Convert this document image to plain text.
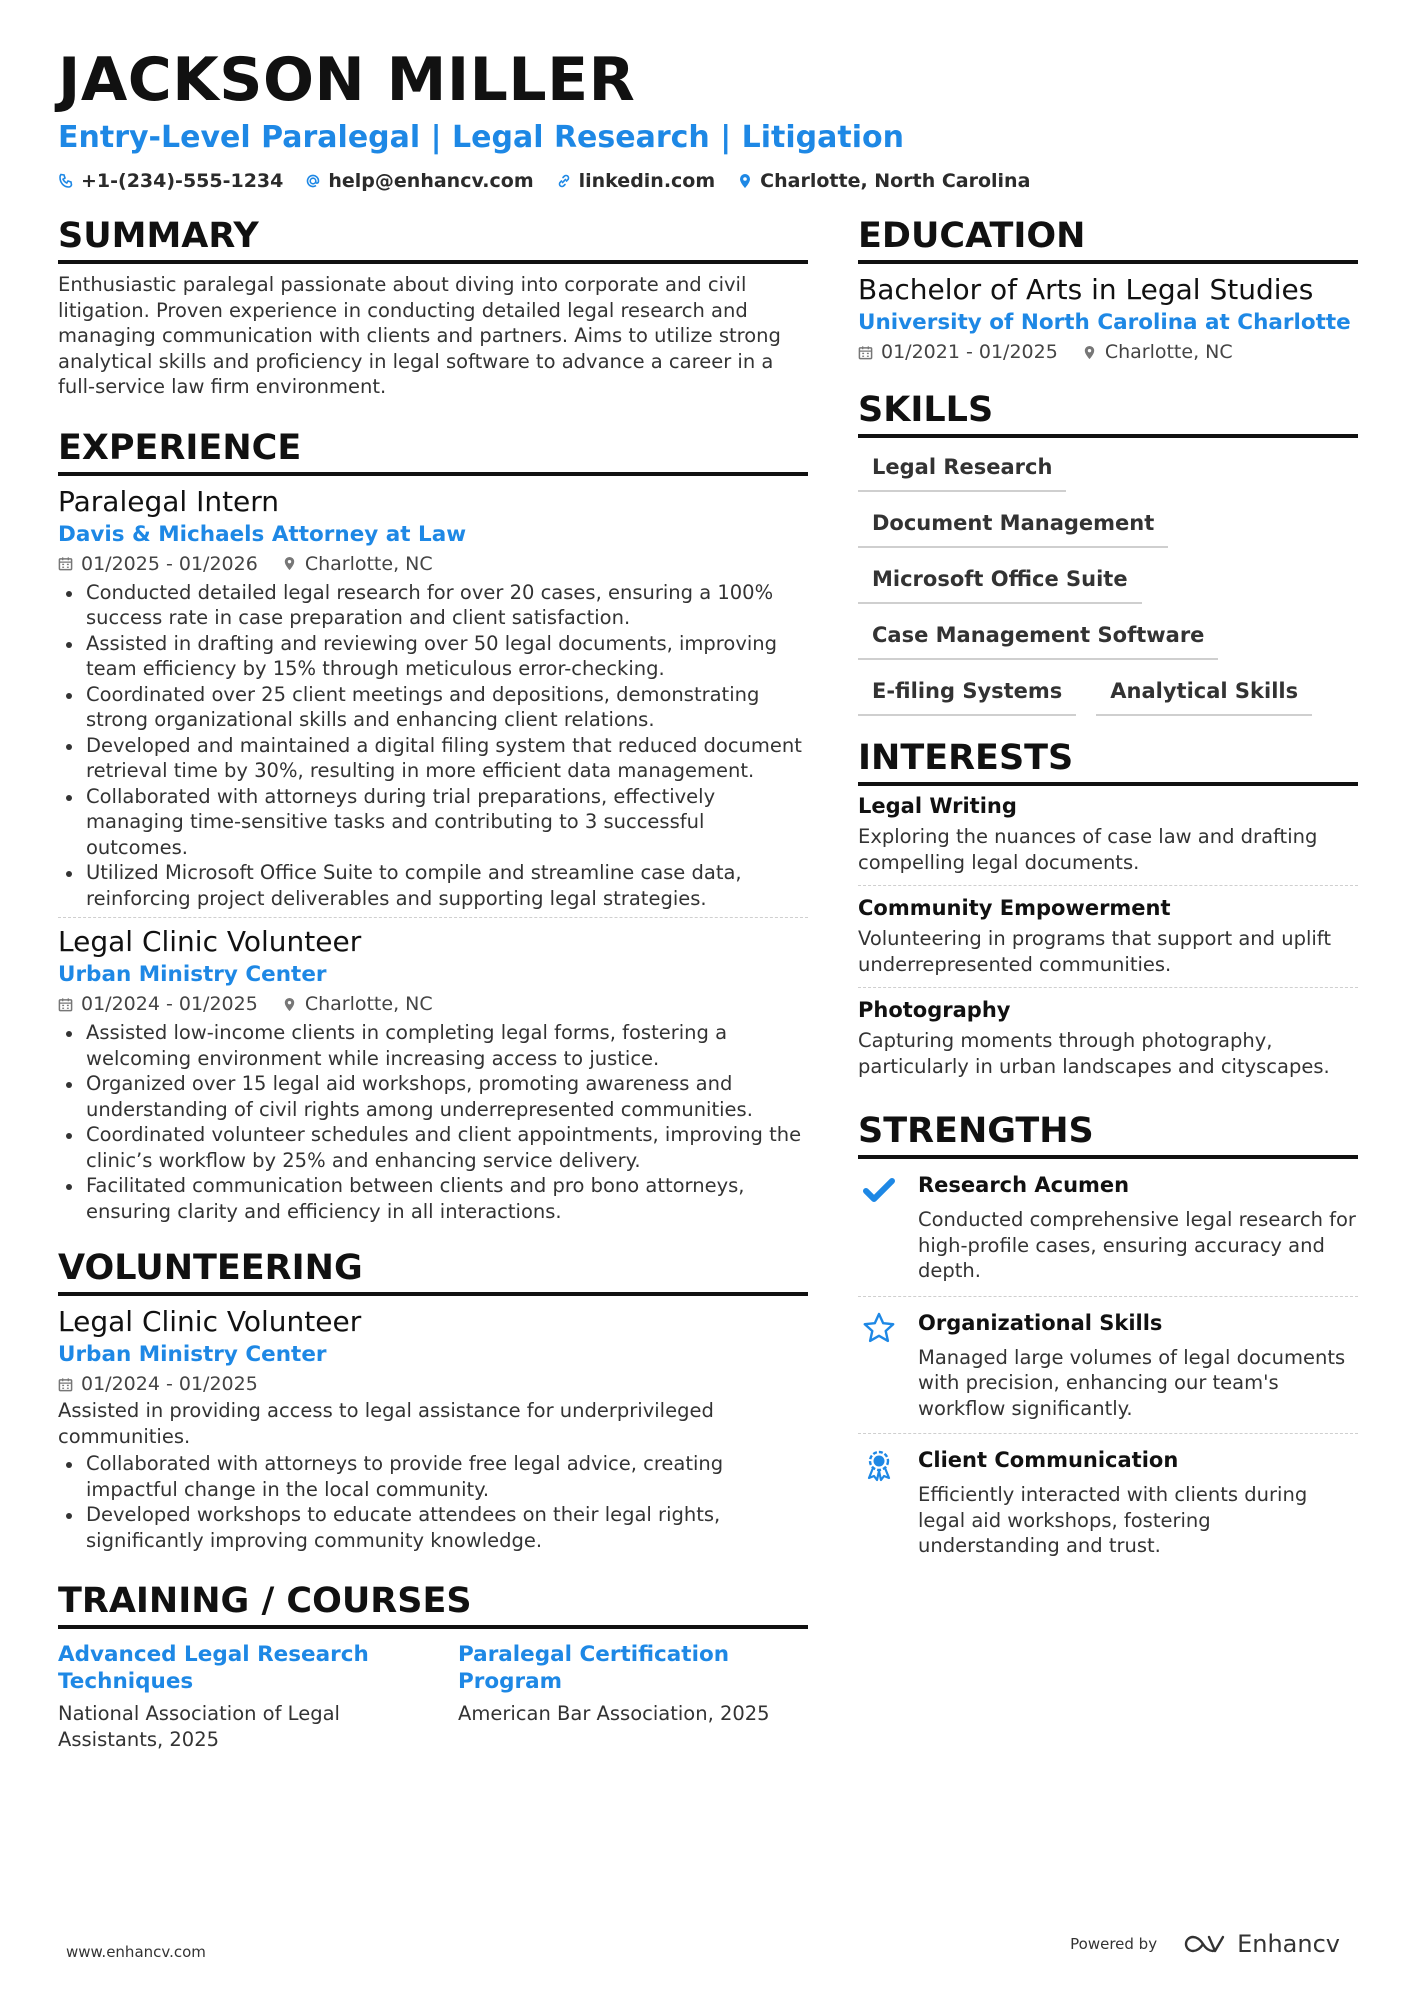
JACKSON MILLER
Entry-Level Paralegal | Legal Research | Litigation
+1-(234)-555-1234 help@enhancv.com linkedin.com Charlotte, North Carolina
SUMMARY
Enthusiastic paralegal passionate about diving into corporate and civil litigation. Proven experience in conducting detailed legal research and managing communication with clients and partners. Aims to utilize strong analytical skills and proficiency in legal software to advance a career in a full-service law firm environment.
EXPERIENCE
Paralegal Intern
Davis & Michaels Attorney at Law
01/2025 - 01/2026 Charlotte, NC
Conducted detailed legal research for over 20 cases, ensuring a 100% success rate in case preparation and client satisfaction.
Assisted in drafting and reviewing over 50 legal documents, improving team efficiency by 15% through meticulous error-checking.
Coordinated over 25 client meetings and depositions, demonstrating strong organizational skills and enhancing client relations.
Developed and maintained a digital filing system that reduced document retrieval time by 30%, resulting in more efficient data management.
Collaborated with attorneys during trial preparations, effectively managing time-sensitive tasks and contributing to 3 successful outcomes.
Utilized Microsoft Office Suite to compile and streamline case data, reinforcing project deliverables and supporting legal strategies.
Legal Clinic Volunteer
Urban Ministry Center
01/2024 - 01/2025 Charlotte, NC
Assisted low-income clients in completing legal forms, fostering a welcoming environment while increasing access to justice.
Organized over 15 legal aid workshops, promoting awareness and understanding of civil rights among underrepresented communities.
Coordinated volunteer schedules and client appointments, improving the clinic’s workflow by 25% and enhancing service delivery.
Facilitated communication between clients and pro bono attorneys, ensuring clarity and efficiency in all interactions.
VOLUNTEERING
Legal Clinic Volunteer
Urban Ministry Center
01/2024 - 01/2025
Assisted in providing access to legal assistance for underprivileged communities.
Collaborated with attorneys to provide free legal advice, creating impactful change in the local community.
Developed workshops to educate attendees on their legal rights, significantly improving community knowledge.
TRAINING / COURSES
Advanced Legal Research Techniques
National Association of Legal Assistants, 2025
Paralegal Certification Program
American Bar Association, 2025
EDUCATION
Bachelor of Arts in Legal Studies
University of North Carolina at Charlotte
01/2021 - 01/2025 Charlotte, NC
SKILLS
Legal Research
Document Management
Microsoft Office Suite
Case Management Software
E-filing Systems	Analytical Skills
INTERESTS
Legal Writing
Exploring the nuances of case law and drafting compelling legal documents.
Community Empowerment
Volunteering in programs that support and uplift underrepresented communities.
Photography
Capturing moments through photography, particularly in urban landscapes and cityscapes.
STRENGTHS
Research Acumen
Conducted comprehensive legal research for high-profile cases, ensuring accuracy and depth.
Organizational Skills
Managed large volumes of legal documents with precision, enhancing our team's workflow significantly.
Client Communication
Efficiently interacted with clients during legal aid workshops, fostering understanding and trust.
www.enhancv.com	Powered by	Enhancv
